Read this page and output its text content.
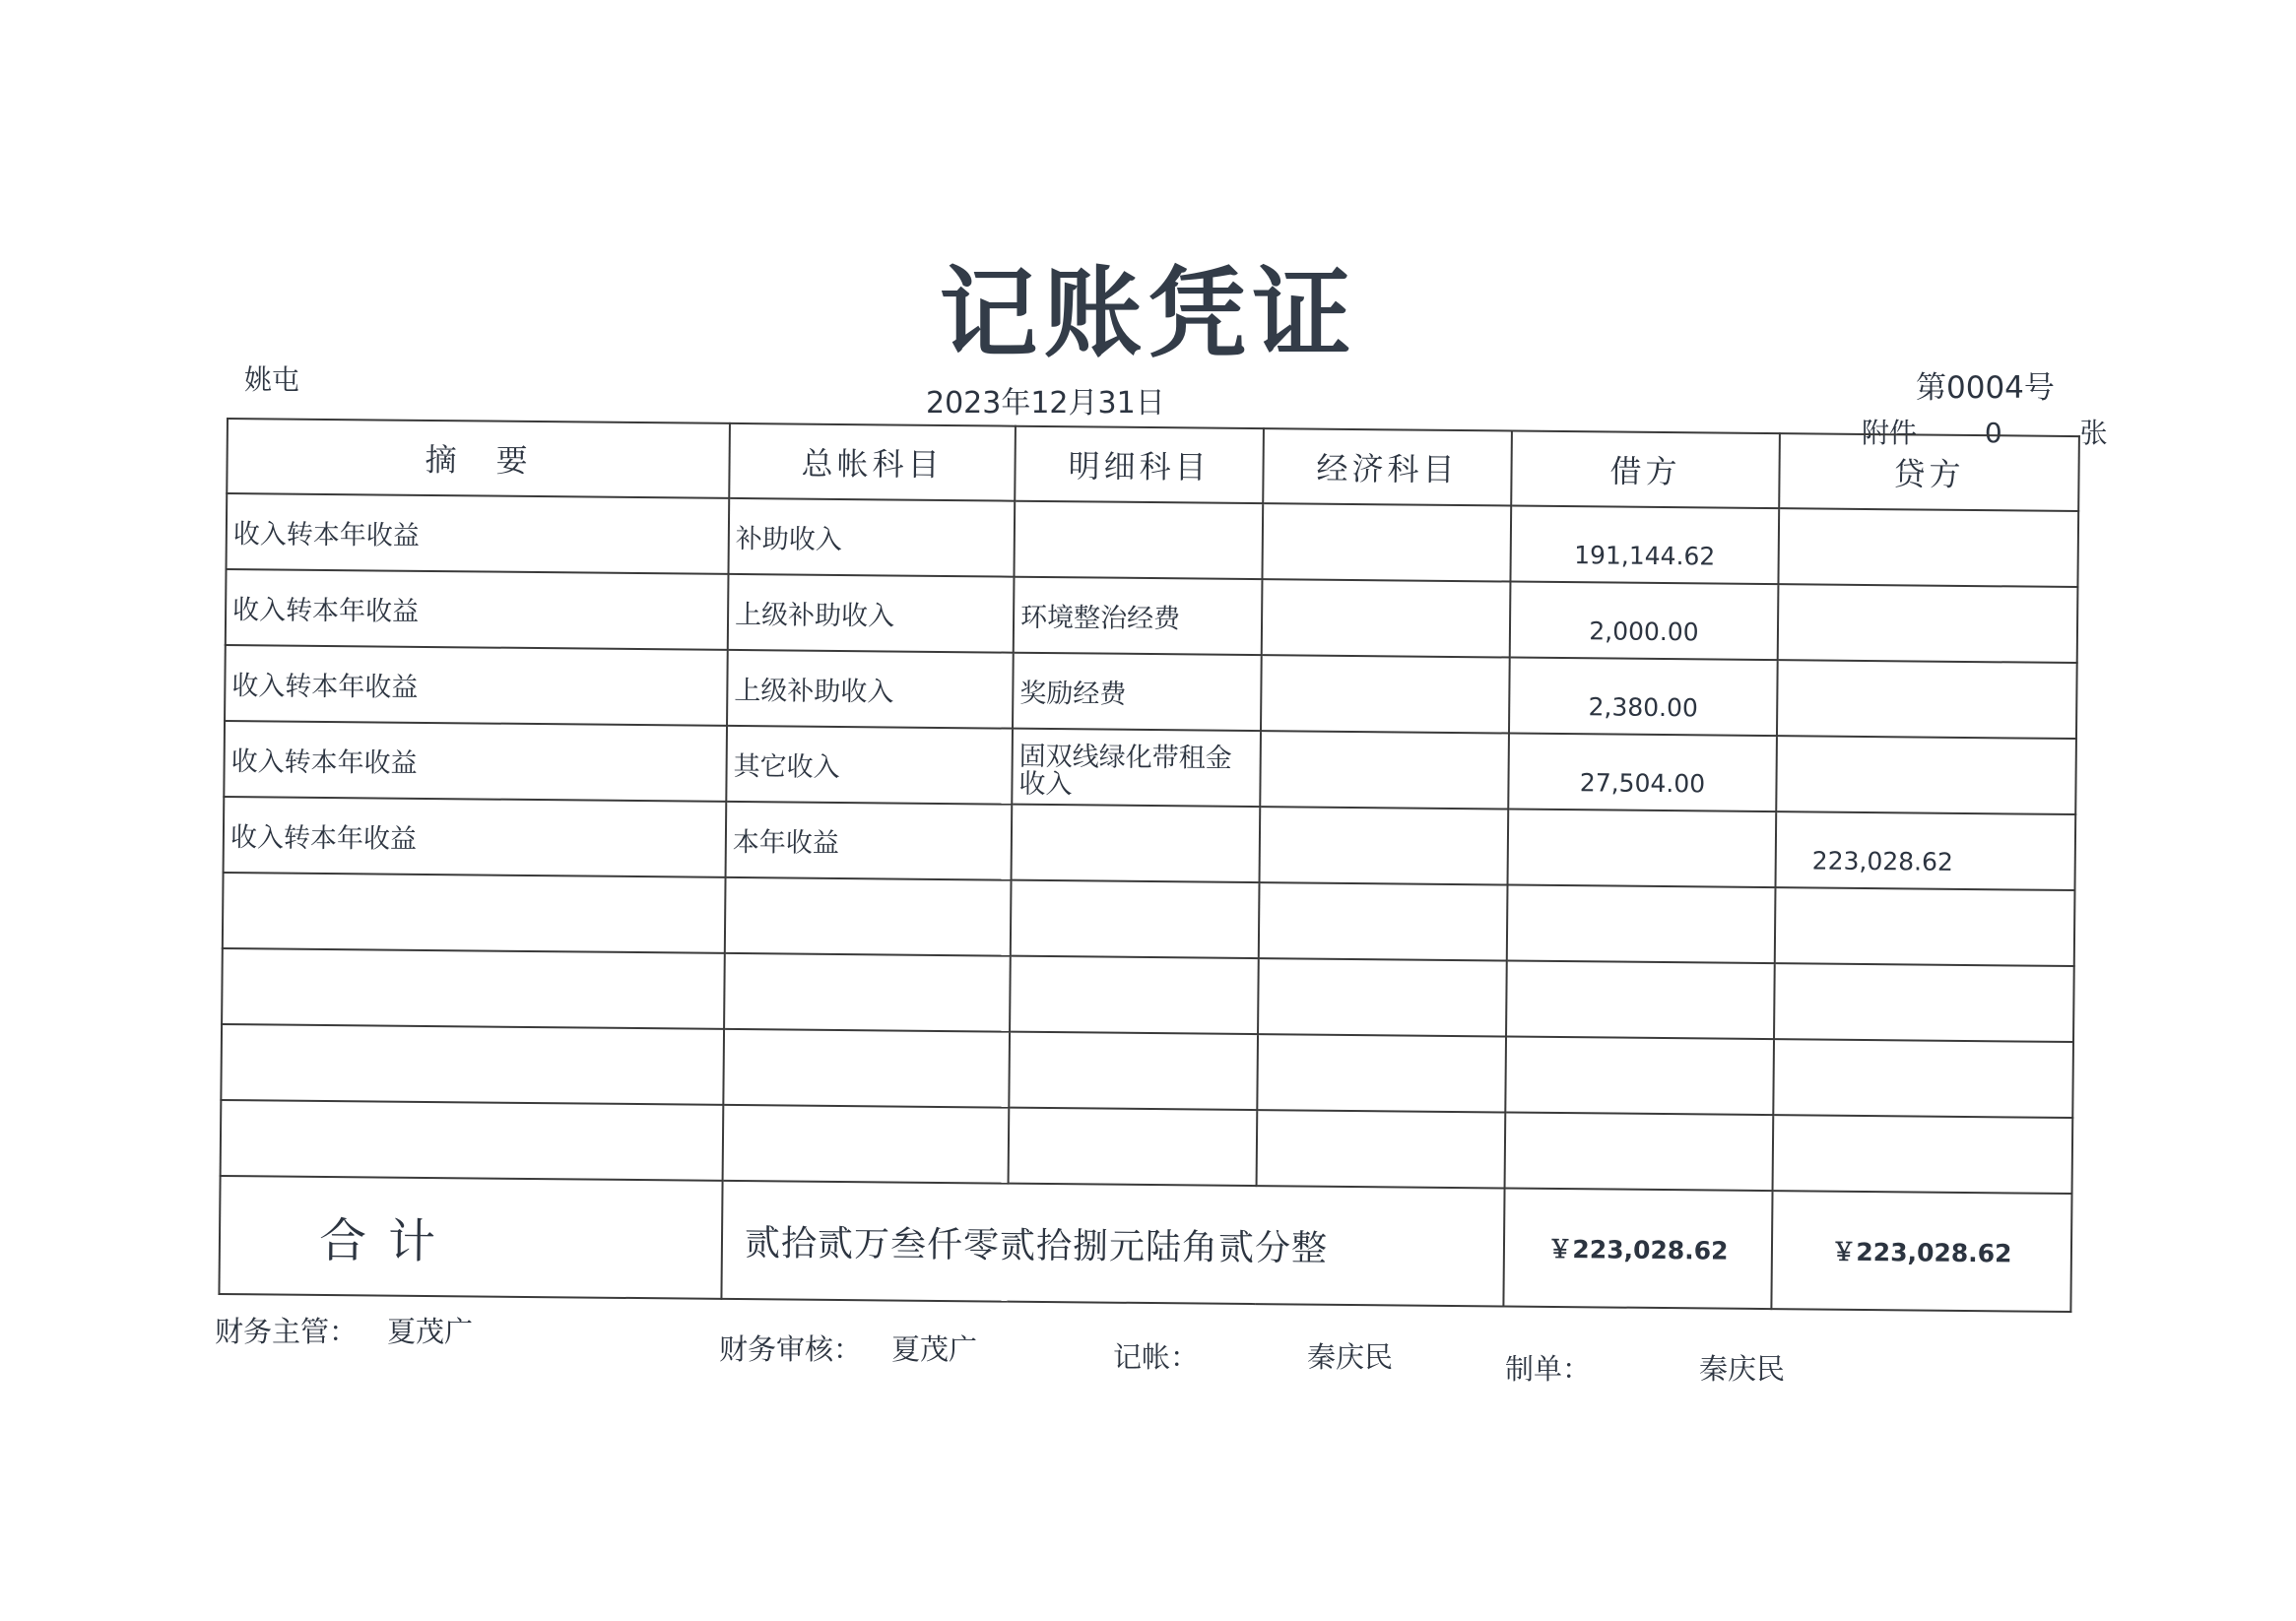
记账凭证
姚屯
2023年12月31日	第0004号
附件 0	张
摘　要	总帐科目	明细科目	经济科目	借方	贷方

收入转本年收益	补助收入			191,144.62	

收入转本年收益	上级补助收入	环境整治经费		2,000.00	

收入转本年收益	上级补助收入	奖励经费		2,380.00	

收入转本年收益	其它收入	固双线绿化带租金收入		27,504.00	

收入转本年收益	本年收益				223,028.62

合计	贰拾贰万叁仟零贰拾捌元陆角贰分整			￥223,028.62	￥223,028.62
财务主管： 夏茂广
财务审核： 夏茂广	记帐：	秦庆民	制单：	秦庆民
